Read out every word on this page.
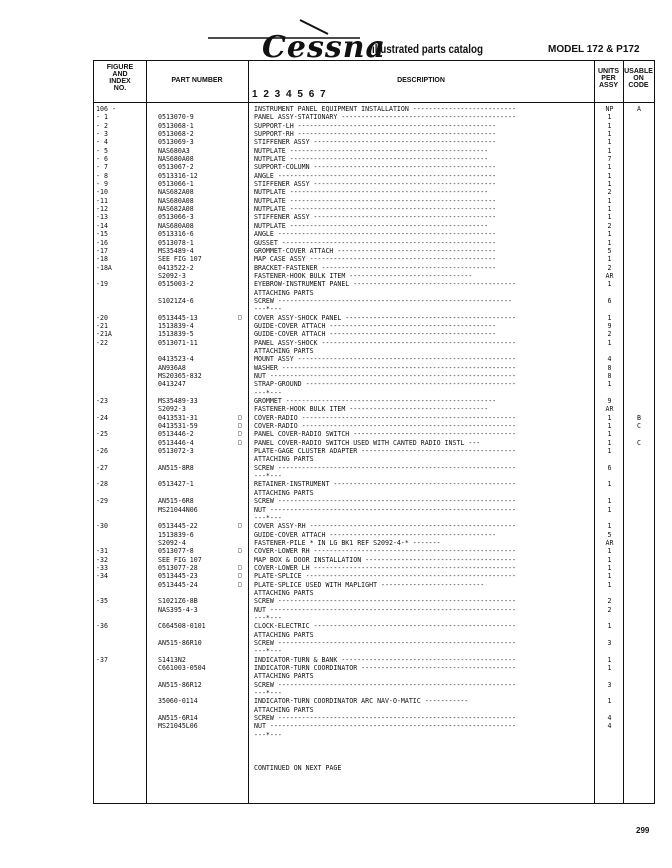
Cessna
illustrated parts catalog	MODEL 172 & P172
FIGURE
AND
INDEX
NO.
PART NUMBER	DESCRIPTION
1 2 3 4 5 6 7
UNITS
PER
ASSY
USABLE
ON
CODE
106 -	INSTRUMENT PANEL EQUIPMENT INSTALLATION --------------------------	NP	A
- 1	0513070-9	PANEL ASSY-STATIONARY --------------------------------------------	1
- 2	0513068-1	SUPPORT-LH --------------------------------------------------	1
- 3	0513068-2	SUPPORT-RH --------------------------------------------------	1
- 4	0513069-3	STIFFENER ASSY ----------------------------------------------	1
- 5	NAS680A3	NUTPLATE --------------------------------------------------	1
- 6	NAS680A08	NUTPLATE --------------------------------------------------	7
- 7	0513067-2	SUPPORT-COLUMN ----------------------------------------------	1
- 8	0513316-12	ANGLE -------------------------------------------------------	1
- 9	0513066-1	STIFFENER ASSY ----------------------------------------------	1
-10	NAS682A08	NUTPLATE --------------------------------------------------	2
-11	NAS680A08	NUTPLATE ----------------------------------------------------	1
-12	NAS682A08	NUTPLATE ----------------------------------------------------	1
-13	0513066-3	STIFFENER ASSY ----------------------------------------------	1
-14	NAS680A08	NUTPLATE --------------------------------------------------	2
-15	0513316-6	ANGLE -------------------------------------------------------	1
-16	0513078-1	GUSSET ------------------------------------------------------	1
-17	MS35489-4	GROMMET-COVER ATTACH ----------------------------------------	5
-18	SEE FIG 107	MAP CASE ASSY -----------------------------------------------	1
-18A	0413522-2	BRACKET-FASTENER --------------------------------------------	2
S2092-3	FASTENER-HOOK BULK ITEM -------------------------------	AR
-19	0515003-2	EYEBROW-INSTRUMENT PANEL -----------------------------------------	1
ATTACHING PARTS
S1021Z4-6	SCREW -----------------------------------------------------------	6
---*---
-20	0513445-13	□ COVER ASSY-SHOCK PANEL -------------------------------------------	1
-21	1513839-4	GUIDE-COVER ATTACH ------------------------------------------	9
-21A	1513839-5	GUIDE-COVER ATTACH ------------------------------------------	2
-22	0513071-11	PANEL ASSY-SHOCK -------------------------------------------------	1
ATTACHING PARTS
0413523-4	MOUNT ASSY -------------------------------------------------------	4
AN936A8	WASHER -----------------------------------------------------------	8
MS20365-832	NUT --------------------------------------------------------------	8
0413247	STRAP-GROUND -----------------------------------------------------	1
---*---
-23	MS35489-33	GROMMET -----------------------------------------------------	9
S2092-3	FASTENER-HOOK BULK ITEM -----------------------------------	AR
-24	0413531-31	□ COVER-RADIO ------------------------------------------------------	1	B
0413531-59	□ COVER-RADIO ------------------------------------------------------	1	C
-25	0513446-2	□ PANEL COVER-RADIO SWITCH -----------------------------------------	1
0513446-4	□ PANEL COVER-RADIO SWITCH USED WITH CANTED RADIO INSTL ---	1	C
-26	0513072-3	PLATE-GAGE CLUSTER ADAPTER ---------------------------------------	1
ATTACHING PARTS
-27	AN515-8R8	SCREW ------------------------------------------------------------	6
---*---
-28	0513427-1	RETAINER-INSTRUMENT ----------------------------------------------	1
ATTACHING PARTS
-29	AN515-6R8	SCREW ------------------------------------------------------------	1
MS21044N06	NUT --------------------------------------------------------------	1
---*---
-30	0513445-22	□ COVER ASSY-RH ----------------------------------------------------	1
1513839-6	GUIDE-COVER ATTACH ------------------------------------------	5
S2092-4	FASTENER-PILE * IN LG BK1 REF S2092-4-* -------	AR
-31	0513077-8	□ COVER-LOWER RH ---------------------------------------------------	1
-32	SEE FIG 107	MAP BOX & DOOR INSTALLATION --------------------------------------	1
-33	0513077-28	□ COVER-LOWER LH ---------------------------------------------------	1
-34	0513445-23	□ PLATE-SPLICE -----------------------------------------------------	1
0513445-24	□ PLATE-SPLICE USED WITH MAPLIGHT --------------------------	1
ATTACHING PARTS
-35	S1021Z6-8B	SCREW ------------------------------------------------------------	2
NAS395-4-3	NUT --------------------------------------------------------------	2
---*---
-36	C664508-0101	CLOCK-ELECTRIC ---------------------------------------------------	1
ATTACHING PARTS
AN515-86R10	SCREW ------------------------------------------------------------	3
---*---
-37	S1413N2	INDICATOR-TURN & BANK --------------------------------------------	1
C661003-0504	INDICATOR-TURN COORDINATOR ---------------------------------------	1
ATTACHING PARTS
AN515-86R12	SCREW ------------------------------------------------------------	3
---*---
35060-0114	INDICATOR-TURN COORDINATOR ARC NAV-O-MATIC -----------	1
ATTACHING PARTS
AN515-6R14	SCREW ------------------------------------------------------------	4
MS21045L06	NUT --------------------------------------------------------------	4
---*---
CONTINUED ON NEXT PAGE
299
